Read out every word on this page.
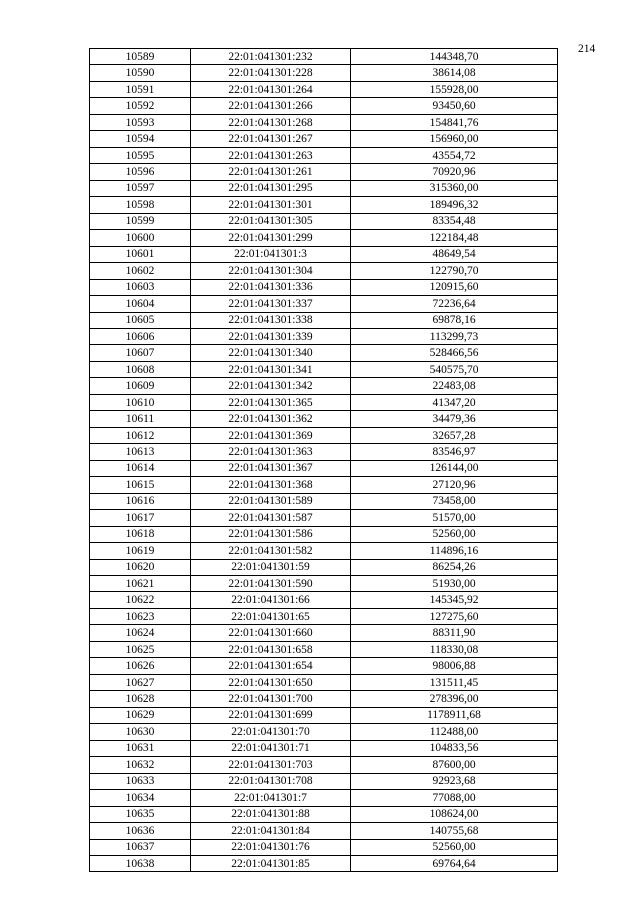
214
10589	22:01:041301:232	144348,70
10590	22:01:041301:228	38614,08
10591	22:01:041301:264	155928,00
10592	22:01:041301:266	93450,60
10593	22:01:041301:268	154841,76
10594	22:01:041301:267	156960,00
10595	22:01:041301:263	43554,72
10596	22:01:041301:261	70920,96
10597	22:01:041301:295	315360,00
10598	22:01:041301:301	189496,32
10599	22:01:041301:305	83354,48
10600	22:01:041301:299	122184,48
10601	22:01:041301:3	48649,54
10602	22:01:041301:304	122790,70
10603	22:01:041301:336	120915,60
10604	22:01:041301:337	72236,64
10605	22:01:041301:338	69878,16
10606	22:01:041301:339	113299,73
10607	22:01:041301:340	528466,56
10608	22:01:041301:341	540575,70
10609	22:01:041301:342	22483,08
10610	22:01:041301:365	41347,20
10611	22:01:041301:362	34479,36
10612	22:01:041301:369	32657,28
10613	22:01:041301:363	83546,97
10614	22:01:041301:367	126144,00
10615	22:01:041301:368	27120,96
10616	22:01:041301:589	73458,00
10617	22:01:041301:587	51570,00
10618	22:01:041301:586	52560,00
10619	22:01:041301:582	114896,16
10620	22:01:041301:59	86254,26
10621	22:01:041301:590	51930,00
10622	22:01:041301:66	145345,92
10623	22:01:041301:65	127275,60
10624	22:01:041301:660	88311,90
10625	22:01:041301:658	118330,08
10626	22:01:041301:654	98006,88
10627	22:01:041301:650	131511,45
10628	22:01:041301:700	278396,00
10629	22:01:041301:699	1178911,68
10630	22:01:041301:70	112488,00
10631	22:01:041301:71	104833,56
10632	22:01:041301:703	87600,00
10633	22:01:041301:708	92923,68
10634	22:01:041301:7	77088,00
10635	22:01:041301:88	108624,00
10636	22:01:041301:84	140755,68
10637	22:01:041301:76	52560,00
10638	22:01:041301:85	69764,64
